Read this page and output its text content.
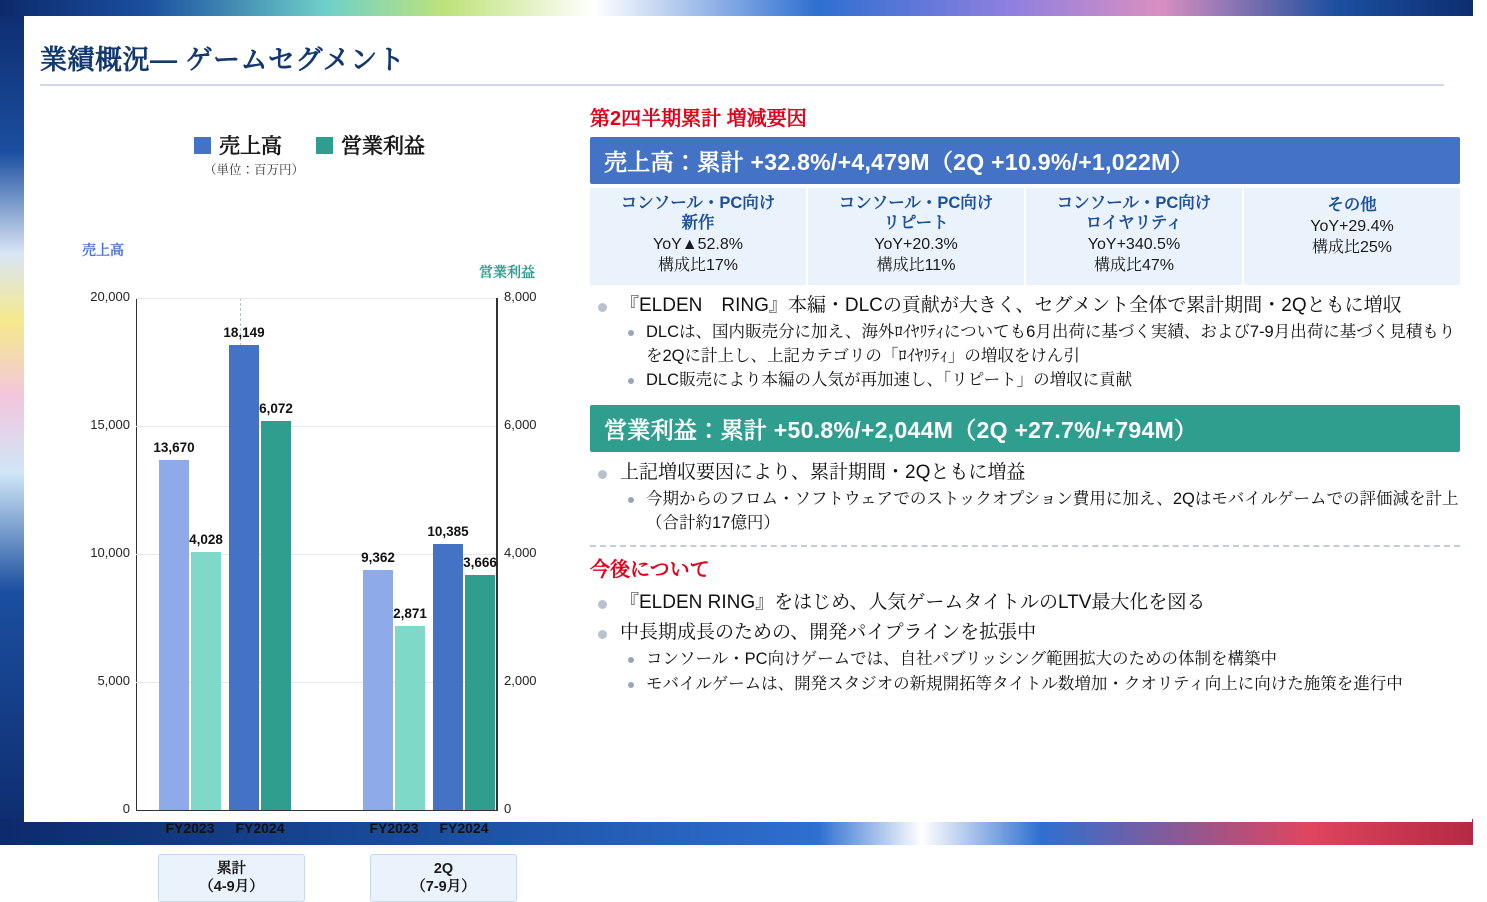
業績概況— ゲームセグメント
売上高	営業利益
（単位：百万円）
売上高
営業利益
20,000
15,000
10,000
5,000
0
8,000
6,000
4,000
2,000
0
13,670
4,028
18,149
6,072
9,362
2,871
10,385
3,666
FY2023	FY2024	FY2023	FY2024
累計
（4-9月）
2Q
（7-9月）
第2四半期累計 増減要因
売上高：累計 +32.8%/+4,479M（2Q +10.9%/+1,022M）
コンソール・PC向け
新作
YoY▲52.8%
構成比17%
コンソール・PC向け
リピート
YoY+20.3%
構成比11%
コンソール・PC向け
ロイヤリティ
YoY+340.5%
構成比47%
その他
YoY+29.4%
構成比25%
『ELDEN　RING』本編・DLCの貢献が大きく、セグメント全体で累計期間・2Qともに増収
DLCは、国内販売分に加え、海外ﾛｲﾔﾘﾃｨについても6月出荷に基づく実績、および7-9月出荷に基づく見積もりを2Qに計上し、上記カテゴリの「ﾛｲﾔﾘﾃｨ」の増収をけん引
DLC販売により本編の人気が再加速し、「リピート」の増収に貢献
営業利益：累計 +50.8%/+2,044M（2Q +27.7%/+794M）
上記増収要因により、累計期間・2Qともに増益
今期からのフロム・ソフトウェアでのストックオプション費用に加え、2Qはモバイルゲームでの評価減を計上（合計約17億円）
今後について
『ELDEN RING』をはじめ、人気ゲームタイトルのLTV最大化を図る
中長期成長のための、開発パイプラインを拡張中
コンソール・PC向けゲームでは、自社パブリッシング範囲拡大のための体制を構築中
モバイルゲームは、開発スタジオの新規開拓等タイトル数増加・クオリティ向上に向けた施策を進行中
